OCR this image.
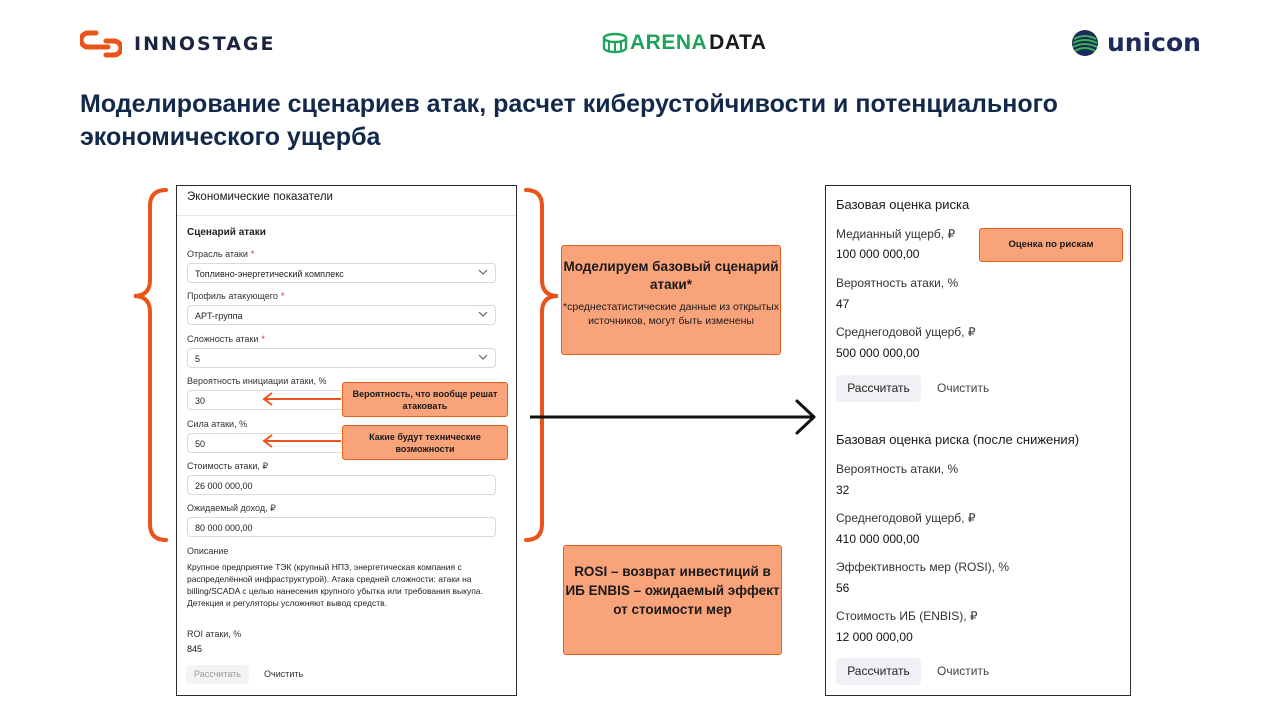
INNOSTAGE	ARENA DATA	unicon
Моделирование сценариев атак, расчет киберустойчивости и потенциального экономического ущерба
Экономические показатели
Сценарий атаки
Отрасль атаки *
Топливно-энергетический комплекс
Профиль атакующего *
APT-группа
Сложность атаки *
5
Вероятность инициации атаки, %
30
Сила атаки, %
50
Стоимость атаки, ₽
26 000 000,00
Ожидаемый доход, ₽
80 000 000,00
Описание
Крупное предприятие ТЭК (крупный НПЗ, энергетическая компания с распределённой инфраструктурой). Атака средней сложности: атаки на billing/SCADA с целью нанесения крупного убытка или требования выкупа. Детекция и регуляторы усложняют вывод средств.
ROI атаки, %
845
Рассчитать	Очистить
Базовая оценка риска
Медианный ущерб, ₽
100 000 000,00
Вероятность атаки, %
47
Среднегодовой ущерб, ₽
500 000 000,00
Рассчитать	Очистить
Базовая оценка риска (после снижения)
Вероятность атаки, %
32
Среднегодовой ущерб, ₽
410 000 000,00
Эффективность мер (ROSI), %
56
Стоимость ИБ (ENBIS), ₽
12 000 000,00
Рассчитать	Очистить
Моделируем базовый сценарий атаки*
*среднестатистические данные из открытых источников, могут быть изменены
ROSI – возврат инвестиций в ИБ ENBIS – ожидаемый эффект от стоимости мер
Вероятность, что вообще решат атаковать
Какие будут технические возможности
Оценка по рискам
